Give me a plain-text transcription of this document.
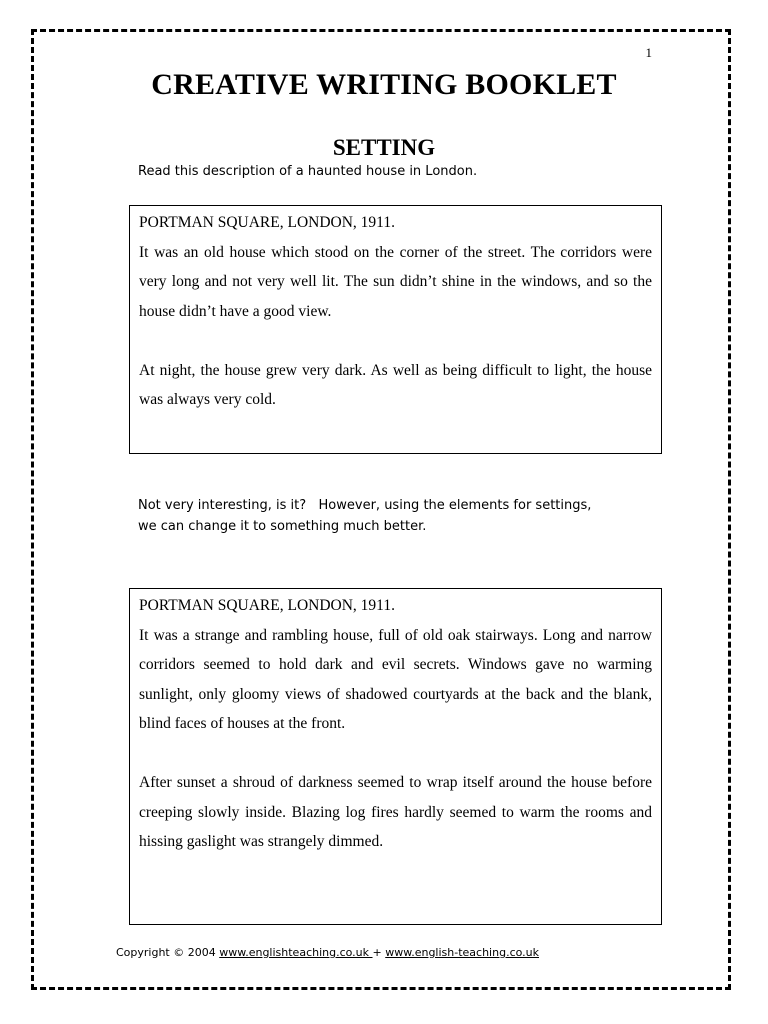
1
CREATIVE WRITING BOOKLET
SETTING
Read this description of a haunted house in London.

PORTMAN SQUARE, LONDON, 1911.

It was an old house which stood on the corner of the street. The corridors were very long and not very well lit. The sun didn’t shine in the windows, and so the house didn’t have a good view.

At night, the house grew very dark. As well as being difficult to light, the house was always very cold.

Not very interesting, is it?   However, using the elements for settings,
we can change it to something much better.

PORTMAN SQUARE, LONDON, 1911.

It was a strange and rambling house, full of old oak stairways. Long and narrow corridors seemed to hold dark and evil secrets. Windows gave no warming sunlight, only gloomy views of shadowed courtyards at the back and the blank, blind faces of houses at the front.

After sunset a shroud of darkness seemed to wrap itself around the house before creeping slowly inside. Blazing log fires hardly seemed to warm the rooms and hissing gaslight was strangely dimmed.

Copyright © 2004 www.englishteaching.co.uk + www.english-teaching.co.uk
